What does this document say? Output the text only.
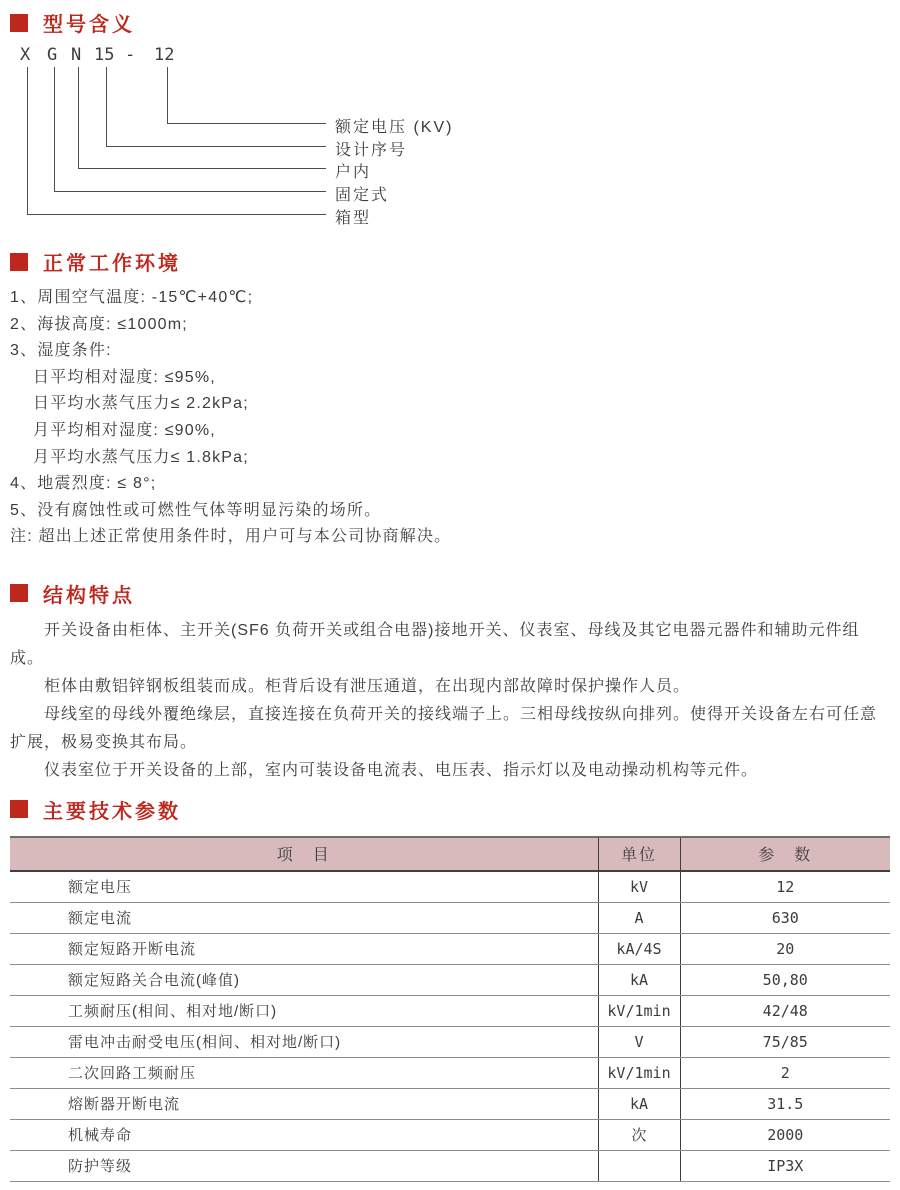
型号含义
X G N 15 - 12
额定电压 (KV)
设计序号
户内
固定式
箱型
正常工作环境
1、周围空气温度: -15℃+40℃;
2、海拔高度: ≤1000m;
3、湿度条件:
日平均相对湿度: ≤95%,
日平均水蒸气压力≤ 2.2kPa;
月平均相对湿度: ≤90%,
月平均水蒸气压力≤ 1.8kPa;
4、地震烈度: ≤ 8°;
5、没有腐蚀性或可燃性气体等明显污染的场所。
注: 超出上述正常使用条件时，用户可与本公司协商解决。
结构特点

开关设备由柜体、主开关(SF6 负荷开关或组合电器)接地开关、仪表室、母线及其它电器元器件和辅助元件组成。

柜体由敷铝锌钢板组装而成。柜背后设有泄压通道，在出现内部故障时保护操作人员。

母线室的母线外覆绝缘层，直接连接在负荷开关的接线端子上。三相母线按纵向排列。使得开关设备左右可任意扩展，极易变换其布局。

仪表室位于开关设备的上部，室内可装设备电流表、电压表、指示灯以及电动操动机构等元件。

主要技术参数
项　目	单位	参　数
额定电压	kV	12
额定电流	A	630
额定短路开断电流	kA/4S	20
额定短路关合电流(峰值)	kA	50,80
工频耐压(相间、相对地/断口)	kV/1min	42/48
雷电冲击耐受电压(相间、相对地/断口)	V	75/85
二次回路工频耐压	kV/1min	2
熔断器开断电流	kA	31.5
机械寿命	次	2000
防护等级		IP3X
